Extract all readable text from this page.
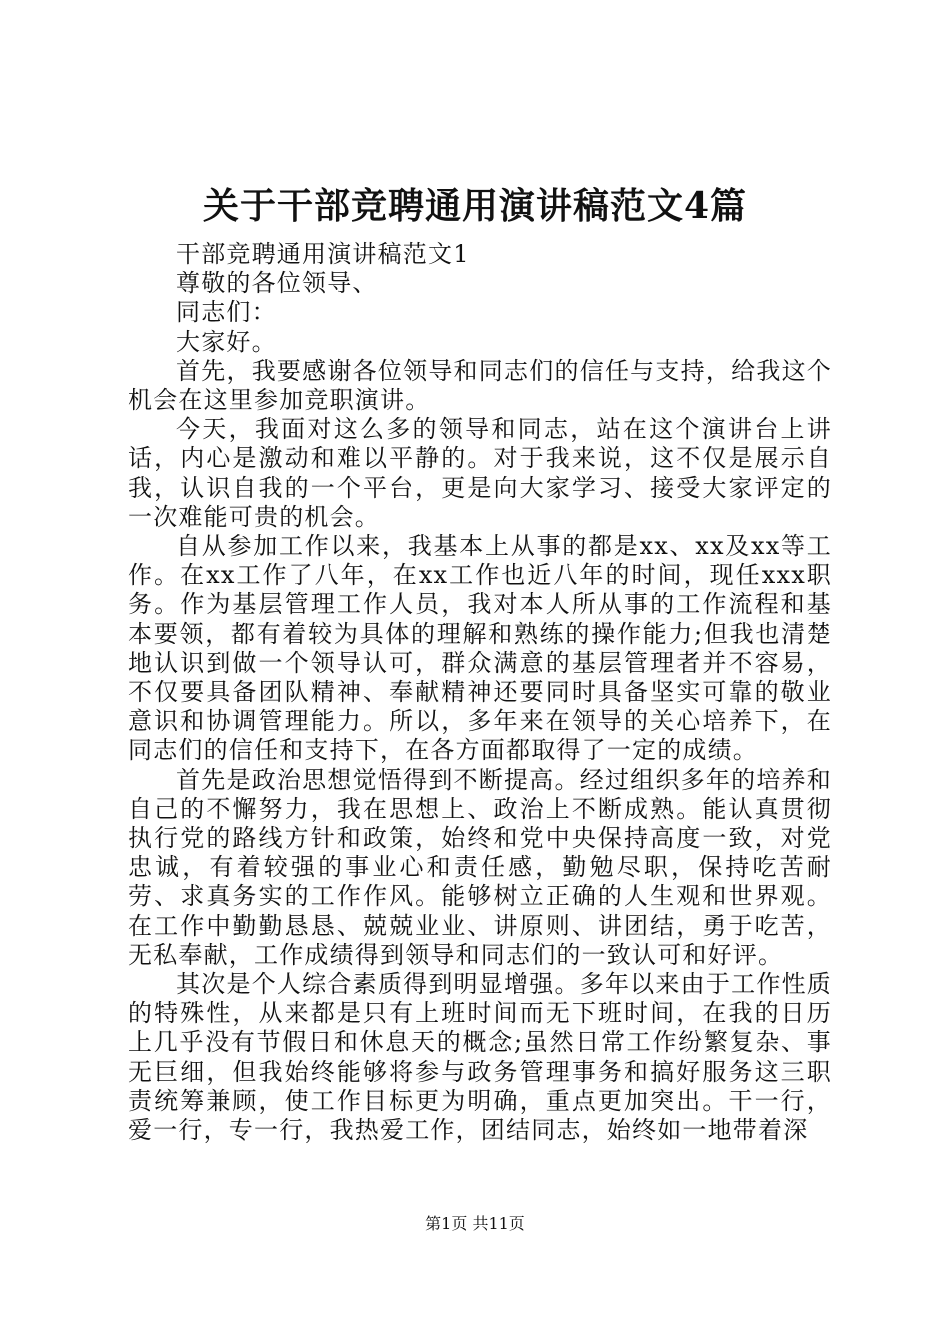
关于干部竞聘通用演讲稿范文4篇

干部竞聘通用演讲稿范文1

尊敬的各位领导、

同志们：

大家好。

首先，我要感谢各位领导和同志们的信任与支持，给我这个机会在这里参加竞职演讲。

今天，我面对这么多的领导和同志，站在这个演讲台上讲话，内心是激动和难以平静的。对于我来说，这不仅是展示自我，认识自我的一个平台，更是向大家学习、接受大家评定的一次难能可贵的机会。

自从参加工作以来，我基本上从事的都是xx、xx及xx等工作。在xx工作了八年，在xx工作也近八年的时间，现任xxx职务。作为基层管理工作人员，我对本人所从事的工作流程和基本要领，都有着较为具体的理解和熟练的操作能力;但我也清楚地认识到做一个领导认可，群众满意的基层管理者并不容易，不仅要具备团队精神、奉献精神还要同时具备坚实可靠的敬业意识和协调管理能力。所以，多年来在领导的关心培养下，在同志们的信任和支持下，在各方面都取得了一定的成绩。

首先是政治思想觉悟得到不断提高。经过组织多年的培养和自己的不懈努力，我在思想上、政治上不断成熟。能认真贯彻执行党的路线方针和政策，始终和党中央保持高度一致，对党忠诚，有着较强的事业心和责任感，勤勉尽职，保持吃苦耐劳、求真务实的工作作风。能够树立正确的人生观和世界观。在工作中勤勤恳恳、兢兢业业、讲原则、讲团结，勇于吃苦，无私奉献，工作成绩得到领导和同志们的一致认可和好评。

其次是个人综合素质得到明显增强。多年以来由于工作性质的特殊性，从来都是只有上班时间而无下班时间，在我的日历上几乎没有节假日和休息天的概念;虽然日常工作纷繁复杂、事无巨细，但我始终能够将参与政务管理事务和搞好服务这三职责统筹兼顾，使工作目标更为明确，重点更加突出。干一行，爱一行，专一行，我热爱工作，团结同志，始终如一地带着深

第1页 共11页
